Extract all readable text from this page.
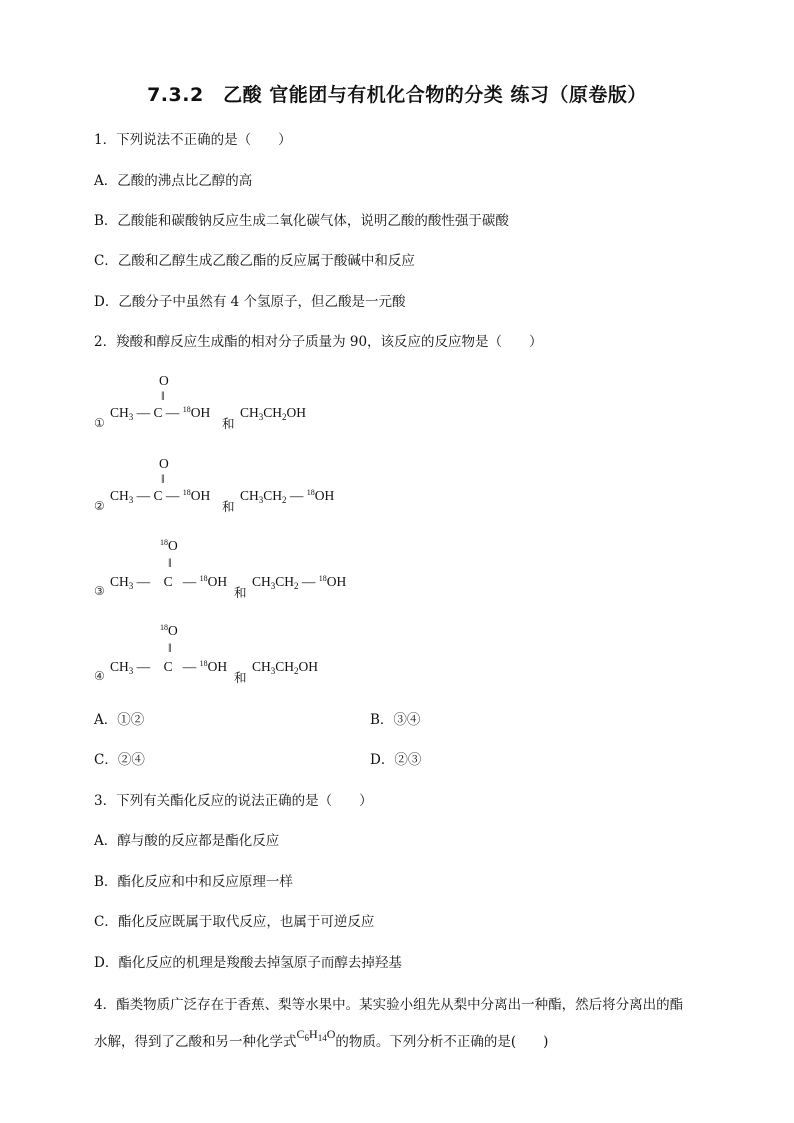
7.3.2　乙酸 官能团与有机化合物的分类 练习（原卷版）
1．下列说法不正确的是（　　）
A．乙酸的沸点比乙醇的高
B．乙酸能和碳酸钠反应生成二氧化碳气体，说明乙酸的酸性强于碳酸
C．乙酸和乙醇生成乙酸乙酯的反应属于酸碱中和反应
D．乙酸分子中虽然有 4 个氢原子，但乙酸是一元酸
2．羧酸和醇反应生成酯的相对分子质量为 90，该反应的反应物是（　　）
O
‖
①
$CH_3$ — C — $^{18}$OH
和
$CH_3CH_2OH$
O
‖
②
$CH_3$ — C — $^{18}$OH
和
$CH_3CH_2$ — $^{18}$OH
$^{18}$O
‖
③
$CH_3$ —    C   — $^{18}$OH
和
$CH_3CH_2$ — $^{18}$OH
$^{18}$O
‖
④
$CH_3$ —    C   — $^{18}$OH
和
$CH_3CH_2OH$
A．①②	B．③④
C．②④	D．②③
3．下列有关酯化反应的说法正确的是（　　）
A．醇与酸的反应都是酯化反应
B．酯化反应和中和反应原理一样
C．酯化反应既属于取代反应，也属于可逆反应
D．酯化反应的机理是羧酸去掉氢原子而醇去掉羟基
4．酯类物质广泛存在于香蕉、梨等水果中。某实验小组先从梨中分离出一种酯，然后将分离出的酯
水解，得到了乙酸和另一种化学式$C_6H_{14}O$的物质。下列分析不正确的是(　　)
